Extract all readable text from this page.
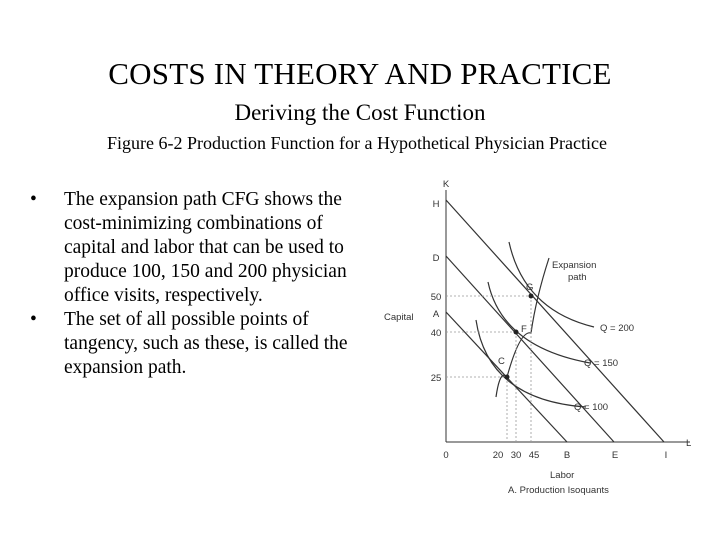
COSTS IN THEORY AND PRACTICE
Deriving the Cost Function
Figure 6-2 Production Function for a Hypothetical Physician Practice
• The expansion path CFG shows the cost-minimizing combinations of capital and labor that can be used to produce 100, 150 and 200 physician office visits, respectively.
• The set of all possible points of tangency, such as these, is called the expansion path.
K
L
Capital
Labor
A. Production Isoquants
0
Expansion
path
G
F
C
H
D
A
50
40
25
20 30 45	B	E	I
Q = 200
Q = 150
Q = 100
